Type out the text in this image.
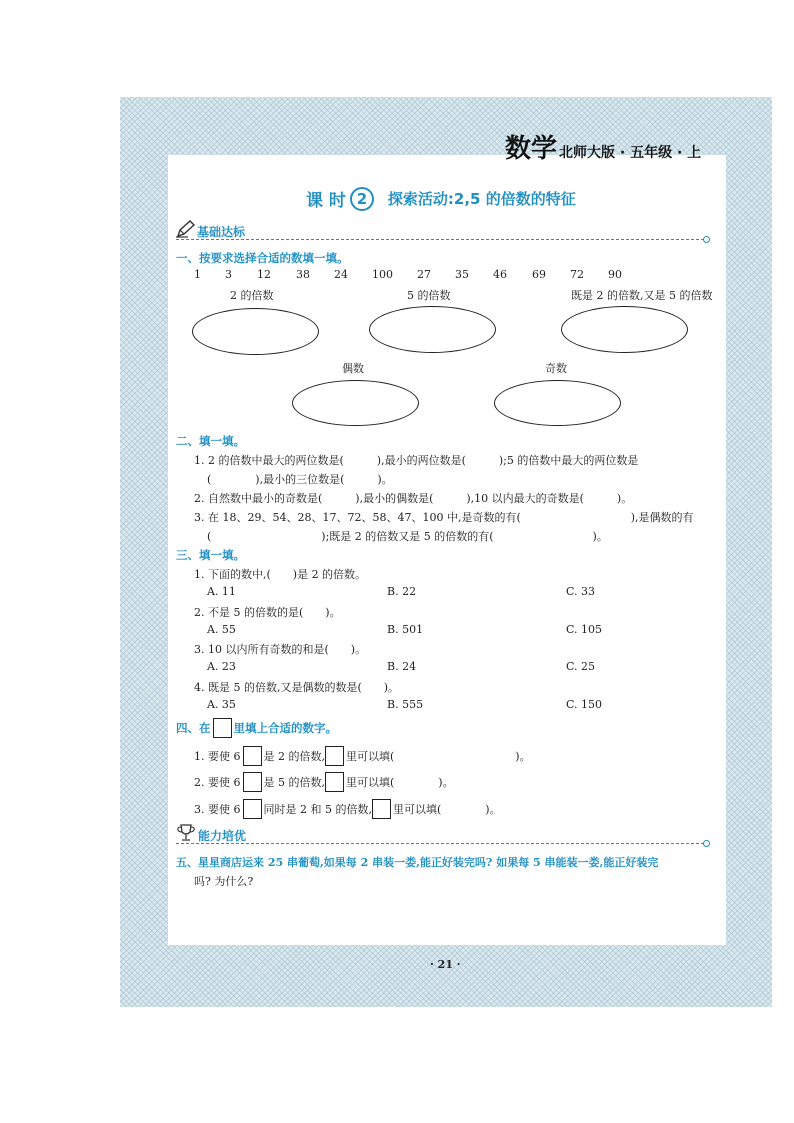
数学 北师大版 · 五年级 · 上
课 时 2	探索活动:2,5 的倍数的特征
基础达标
一、按要求选择合适的数填一填。
1 3 12 38 24 100 27 35 46 69 72 90
2 的倍数	5 的倍数	既是 2 的倍数,又是 5 的倍数
偶数	奇数
二、填一填。
1. 2 的倍数中最大的两位数是(　　　),最小的两位数是(　　　);5 的倍数中最大的两位数是
(　　　　),最小的三位数是(　　　)。
2. 自然数中最小的奇数是(　　　),最小的偶数是(　　　),10 以内最大的奇数是(　　　)。
3. 在 18、29、54、28、17、72、58、47、100 中,是奇数的有(　　　　　　　　　　),是偶数的有
(　　　　　　　　　　);既是 2 的倍数又是 5 的倍数的有(　　　　　　　　　)。
三、填一填。
1. 下面的数中,(　　)是 2 的倍数。
A. 11	B. 22	C. 33
2. 不是 5 的倍数的是(　　)。
A. 55	B. 501	C. 105
3. 10 以内所有奇数的和是(　　)。
A. 23	B. 24	C. 25
4. 既是 5 的倍数,又是偶数的数是(　　)。
A. 35	B. 555	C. 150
四、在 里填上合适的数字。
1. 要使 6 是 2 的倍数, 里可以填(　　　　　　　　　　　)。
2. 要使 6 是 5 的倍数, 里可以填(　　　　)。
3. 要使 6 同时是 2 和 5 的倍数, 里可以填(　　　　)。
能力培优
五、星星商店运来 25 串葡萄,如果每 2 串装一娄,能正好装完吗? 如果每 5 串能装一娄,能正好装完
吗? 为什么?
· 21 ·
